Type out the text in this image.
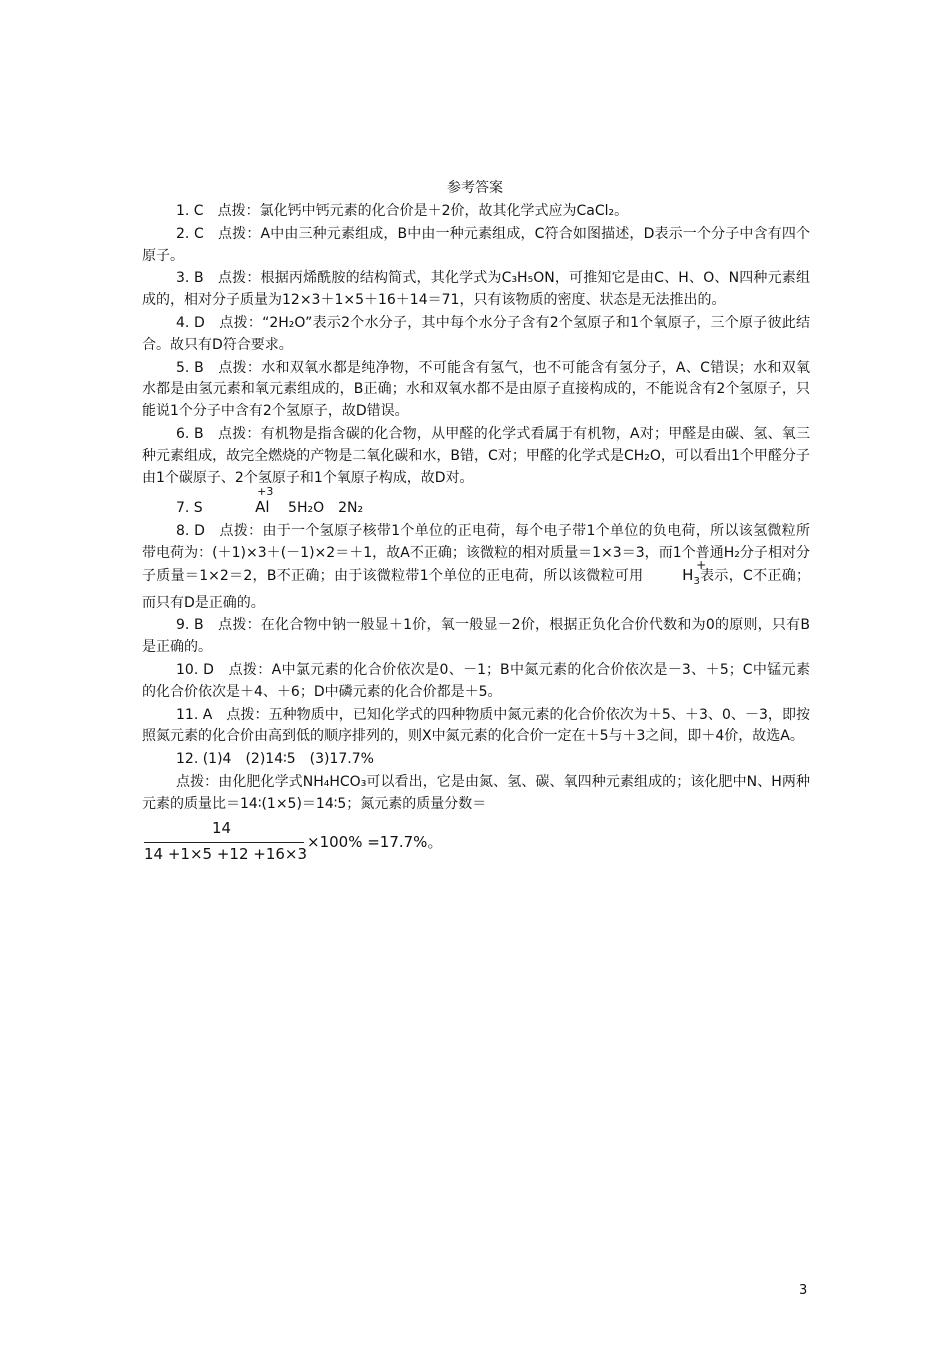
参考答案

1. C　点拨：氯化钙中钙元素的化合价是＋2价，故其化学式应为CaCl₂。

2. C　点拨：A中由三种元素组成，B中由一种元素组成，C符合如图描述，D表示一个分子中含有四个原子。

3. B　点拨：根据丙烯酰胺的结构简式，其化学式为C₃H₅ON，可推知它是由C、H、O、N四种元素组成的，相对分子质量为12×3＋1×5＋16＋14＝71，只有该物质的密度、状态是无法推出的。

4. D　点拨：“2H₂O”表示2个水分子，其中每个水分子含有2个氢原子和1个氧原子，三个原子彼此结合。故只有D符合要求。

5. B　点拨：水和双氧水都是纯净物，不可能含有氢气，也不可能含有氢分子，A、C错误；水和双氧水都是由氢元素和氧元素组成的，B正确；水和双氧水都不是由原子直接构成的，不能说含有2个氢原子，只能说1个分子中含有2个氢原子，故D错误。

6. B　点拨：有机物是指含碳的化合物，从甲醛的化学式看属于有机物，A对；甲醛是由碳、氢、氧三种元素组成，故完全燃烧的产物是二氧化碳和水，B错，C对；甲醛的化学式是CH₂O，可以看出1个甲醛分子由1个碳原子、2个氢原子和1个氧原子构成，故D对。

7. S　
+3
Al　 5H₂O　2N₂

8. D　点拨：由于一个氢原子核带1个单位的正电荷，每个电子带1个单位的负电荷，所以该氢微粒所带电荷为：(＋1)×3＋(－1)×2＝＋1，故A不正确；该微粒的相对质量＝1×3＝3，而1个普通H₂分子相对分子质量＝1×2＝2，B不正确；由于该微粒带1个单位的正电荷，所以该微粒可用	$H_3$
+
表示，C不正确；而只有D是正确的。

9. B　点拨：在化合物中钠一般显＋1价，氧一般显－2价，根据正负化合价代数和为0的原则，只有B是正确的。

10. D　点拨：A中氯元素的化合价依次是0、－1；B中氮元素的化合价依次是－3、＋5；C中锰元素的化合价依次是＋4、＋6；D中磷元素的化合价都是＋5。

11. A　点拨：五种物质中，已知化学式的四种物质中氮元素的化合价依次为＋5、＋3、0、－3，即按照氮元素的化合价由高到低的顺序排列的，则X中氮元素的化合价一定在＋5与＋3之间，即＋4价，故选A。

12. (1)4　(2)14∶5　(3)17.7%

点拨：由化肥化学式NH₄HCO₃可以看出，它是由氮、氢、碳、氧四种元素组成的；该化肥中N、H两种元素的质量比＝14∶(1×5)＝14∶5；氮元素的质量分数＝

14
14 +1×5 +12 +16×3
×100% =17.7%。
3
